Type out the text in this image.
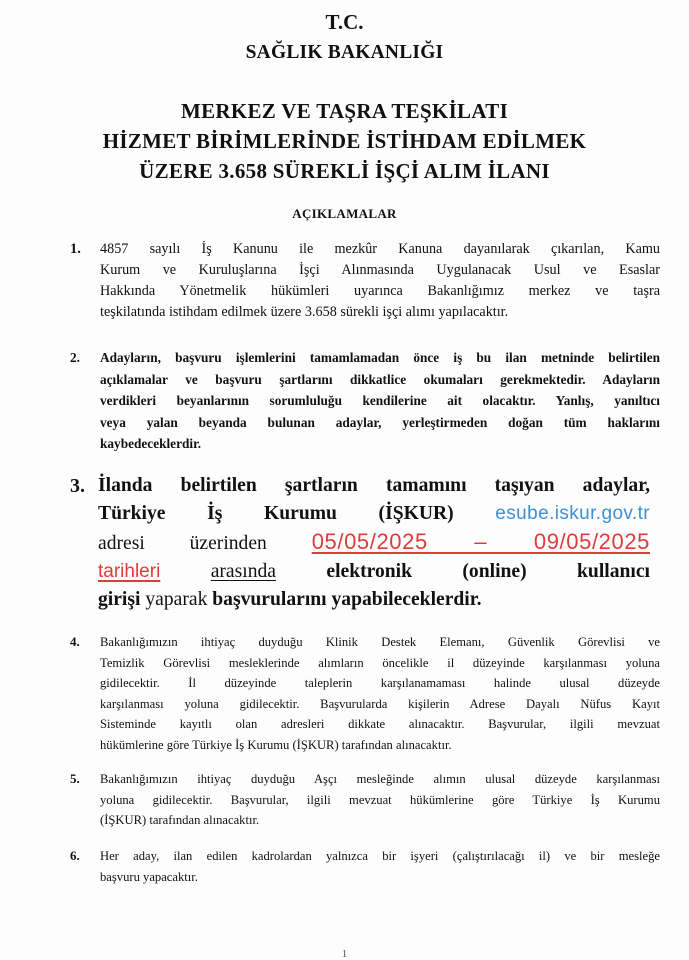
T.C.
SAĞLIK BAKANLIĞI
MERKEZ VE TAŞRA TEŞKİLATI
HİZMET BİRİMLERİNDE İSTİHDAM EDİLMEK
ÜZERE 3.658 SÜREKLİ İŞÇİ ALIM İLANI
AÇIKLAMALAR
1. 4857 sayılı İş Kanunu ile mezkûr Kanuna dayanılarak çıkarılan, Kamu
Kurum ve Kuruluşlarına İşçi Alınmasında Uygulanacak Usul ve Esaslar
Hakkında Yönetmelik hükümleri uyarınca Bakanlığımız merkez ve taşra
teşkilatında istihdam edilmek üzere 3.658 sürekli işçi alımı yapılacaktır.
2. Adayların, başvuru işlemlerini tamamlamadan önce iş bu ilan metninde belirtilen
açıklamalar ve başvuru şartlarını dikkatlice okumaları gerekmektedir. Adayların
verdikleri beyanlarının sorumluluğu kendilerine ait olacaktır. Yanlış, yanıltıcı
veya yalan beyanda bulunan adaylar, yerleştirmeden doğan tüm haklarını
kaybedeceklerdir.
3. İlanda belirtilen şartların tamamını taşıyan adaylar,
Türkiye İş Kurumu (İŞKUR) esube.iskur.gov.tr
adresi üzerinden 05/05/2025 – 09/05/2025
tarihleri	arasında	elektronik	(online)	kullanıcı
girişi yaparak başvurularını yapabileceklerdir.
4. Bakanlığımızın ihtiyaç duyduğu Klinik Destek Elemanı, Güvenlik Görevlisi ve
Temizlik Görevlisi mesleklerinde alımların öncelikle il düzeyinde karşılanması yoluna
gidilecektir. İl düzeyinde taleplerin karşılanamaması halinde ulusal düzeyde
karşılanması yoluna gidilecektir. Başvurularda kişilerin Adrese Dayalı Nüfus Kayıt
Sisteminde kayıtlı olan adresleri dikkate alınacaktır. Başvurular, ilgili mevzuat
hükümlerine göre Türkiye İş Kurumu (İŞKUR) tarafından alınacaktır.
5. Bakanlığımızın ihtiyaç duyduğu Aşçı mesleğinde alımın ulusal düzeyde karşılanması
yoluna gidilecektir. Başvurular, ilgili mevzuat hükümlerine göre Türkiye İş Kurumu
(İŞKUR) tarafından alınacaktır.
6. Her aday, ilan edilen kadrolardan yalnızca bir işyeri (çalıştırılacağı il) ve bir mesleğe
başvuru yapacaktır.
1
